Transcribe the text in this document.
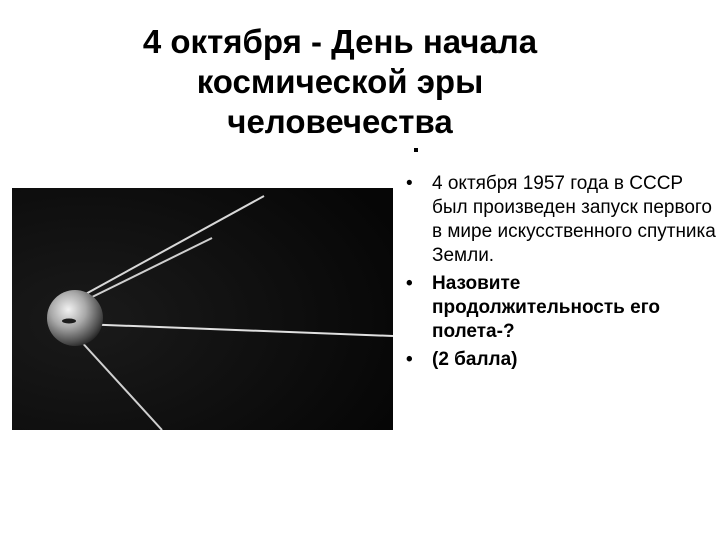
4 октября - День начала
космической эры
человечества
•	4 октября 1957 года в СССР был произведен запуск первого в мире искусственного спутника Земли.
•	Назовите продолжительность его полета-?
•	(2 балла)
